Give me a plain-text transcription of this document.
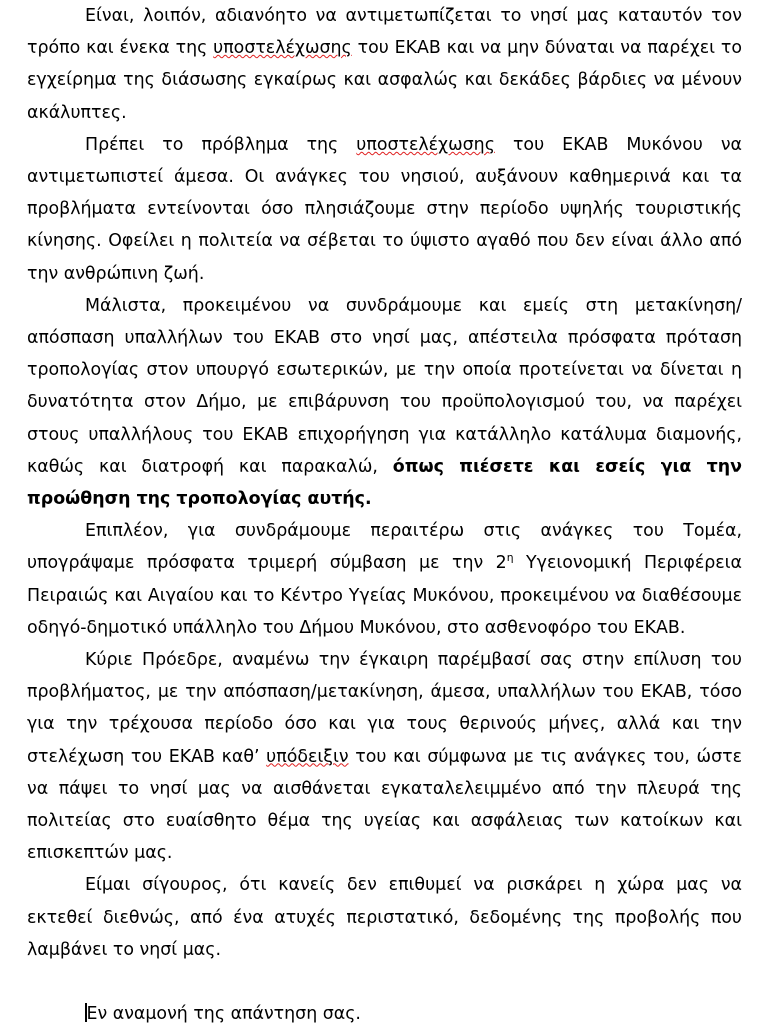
Είναι, λοιπόν, αδιανόητο να αντιμετωπίζεται το νησί μας καταυτόν τον τρόπο και ένεκα της υποστελέχωσης του ΕΚΑΒ και να μην δύναται να παρέχει το εγχείρημα της διάσωσης εγκαίρως και ασφαλώς και δεκάδες βάρδιες να μένουν ακάλυπτες.

Πρέπει το πρόβλημα της υποστελέχωσης του ΕΚΑΒ Μυκόνου να αντιμετωπιστεί άμεσα. Οι ανάγκες του νησιού, αυξάνουν καθημερινά και τα προβλήματα εντείνονται όσο πλησιάζουμε στην περίοδο υψηλής τουριστικής κίνησης. Οφείλει η πολιτεία να σέβεται το ύψιστο αγαθό που δεν είναι άλλο από την ανθρώπινη ζωή.

Μάλιστα, προκειμένου να συνδράμουμε και εμείς στη μετακίνηση/απόσπαση υπαλλήλων του ΕΚΑΒ στο νησί μας, απέστειλα πρόσφατα πρόταση τροπολογίας στον υπουργό εσωτερικών, με την οποία προτείνεται να δίνεται η δυνατότητα στον Δήμο, με επιβάρυνση του προϋπολογισμού του, να παρέχει στους υπαλλήλους του ΕΚΑΒ επιχορήγηση για κατάλληλο κατάλυμα διαμονής, καθώς και διατροφή και παρακαλώ, όπως πιέσετε και εσείς για την προώθηση της τροπολογίας αυτής.

Επιπλέον, για συνδράμουμε περαιτέρω στις ανάγκες του Τομέα, υπογράψαμε πρόσφατα τριμερή σύμβαση με την $2^\eta$ Υγειονομική Περιφέρεια Πειραιώς και Αιγαίου και το Κέντρο Υγείας Μυκόνου, προκειμένου να διαθέσουμε οδηγό-δημοτικό υπάλληλο του Δήμου Μυκόνου, στο ασθενοφόρο του ΕΚΑΒ.

Κύριε Πρόεδρε, αναμένω την έγκαιρη παρέμβασί σας στην επίλυση του προβλήματος, με την απόσπαση/μετακίνηση, άμεσα, υπαλλήλων του ΕΚΑΒ, τόσο για την τρέχουσα περίοδο όσο και για τους θερινούς μήνες, αλλά και την στελέχωση του ΕΚΑΒ καθ’ υπόδειξιν του και σύμφωνα με τις ανάγκες του, ώστε να πάψει το νησί μας να αισθάνεται εγκαταλελειμμένο από την πλευρά της πολιτείας στο ευαίσθητο θέμα της υγείας και ασφάλειας των κατοίκων και επισκεπτών μας.

Είμαι σίγουρος, ότι κανείς δεν επιθυμεί να ρισκάρει η χώρα μας να εκτεθεί διεθνώς, από ένα ατυχές περιστατικό, δεδομένης της προβολής που λαμβάνει το νησί μας.

Εν αναμονή της απάντηση σας.
